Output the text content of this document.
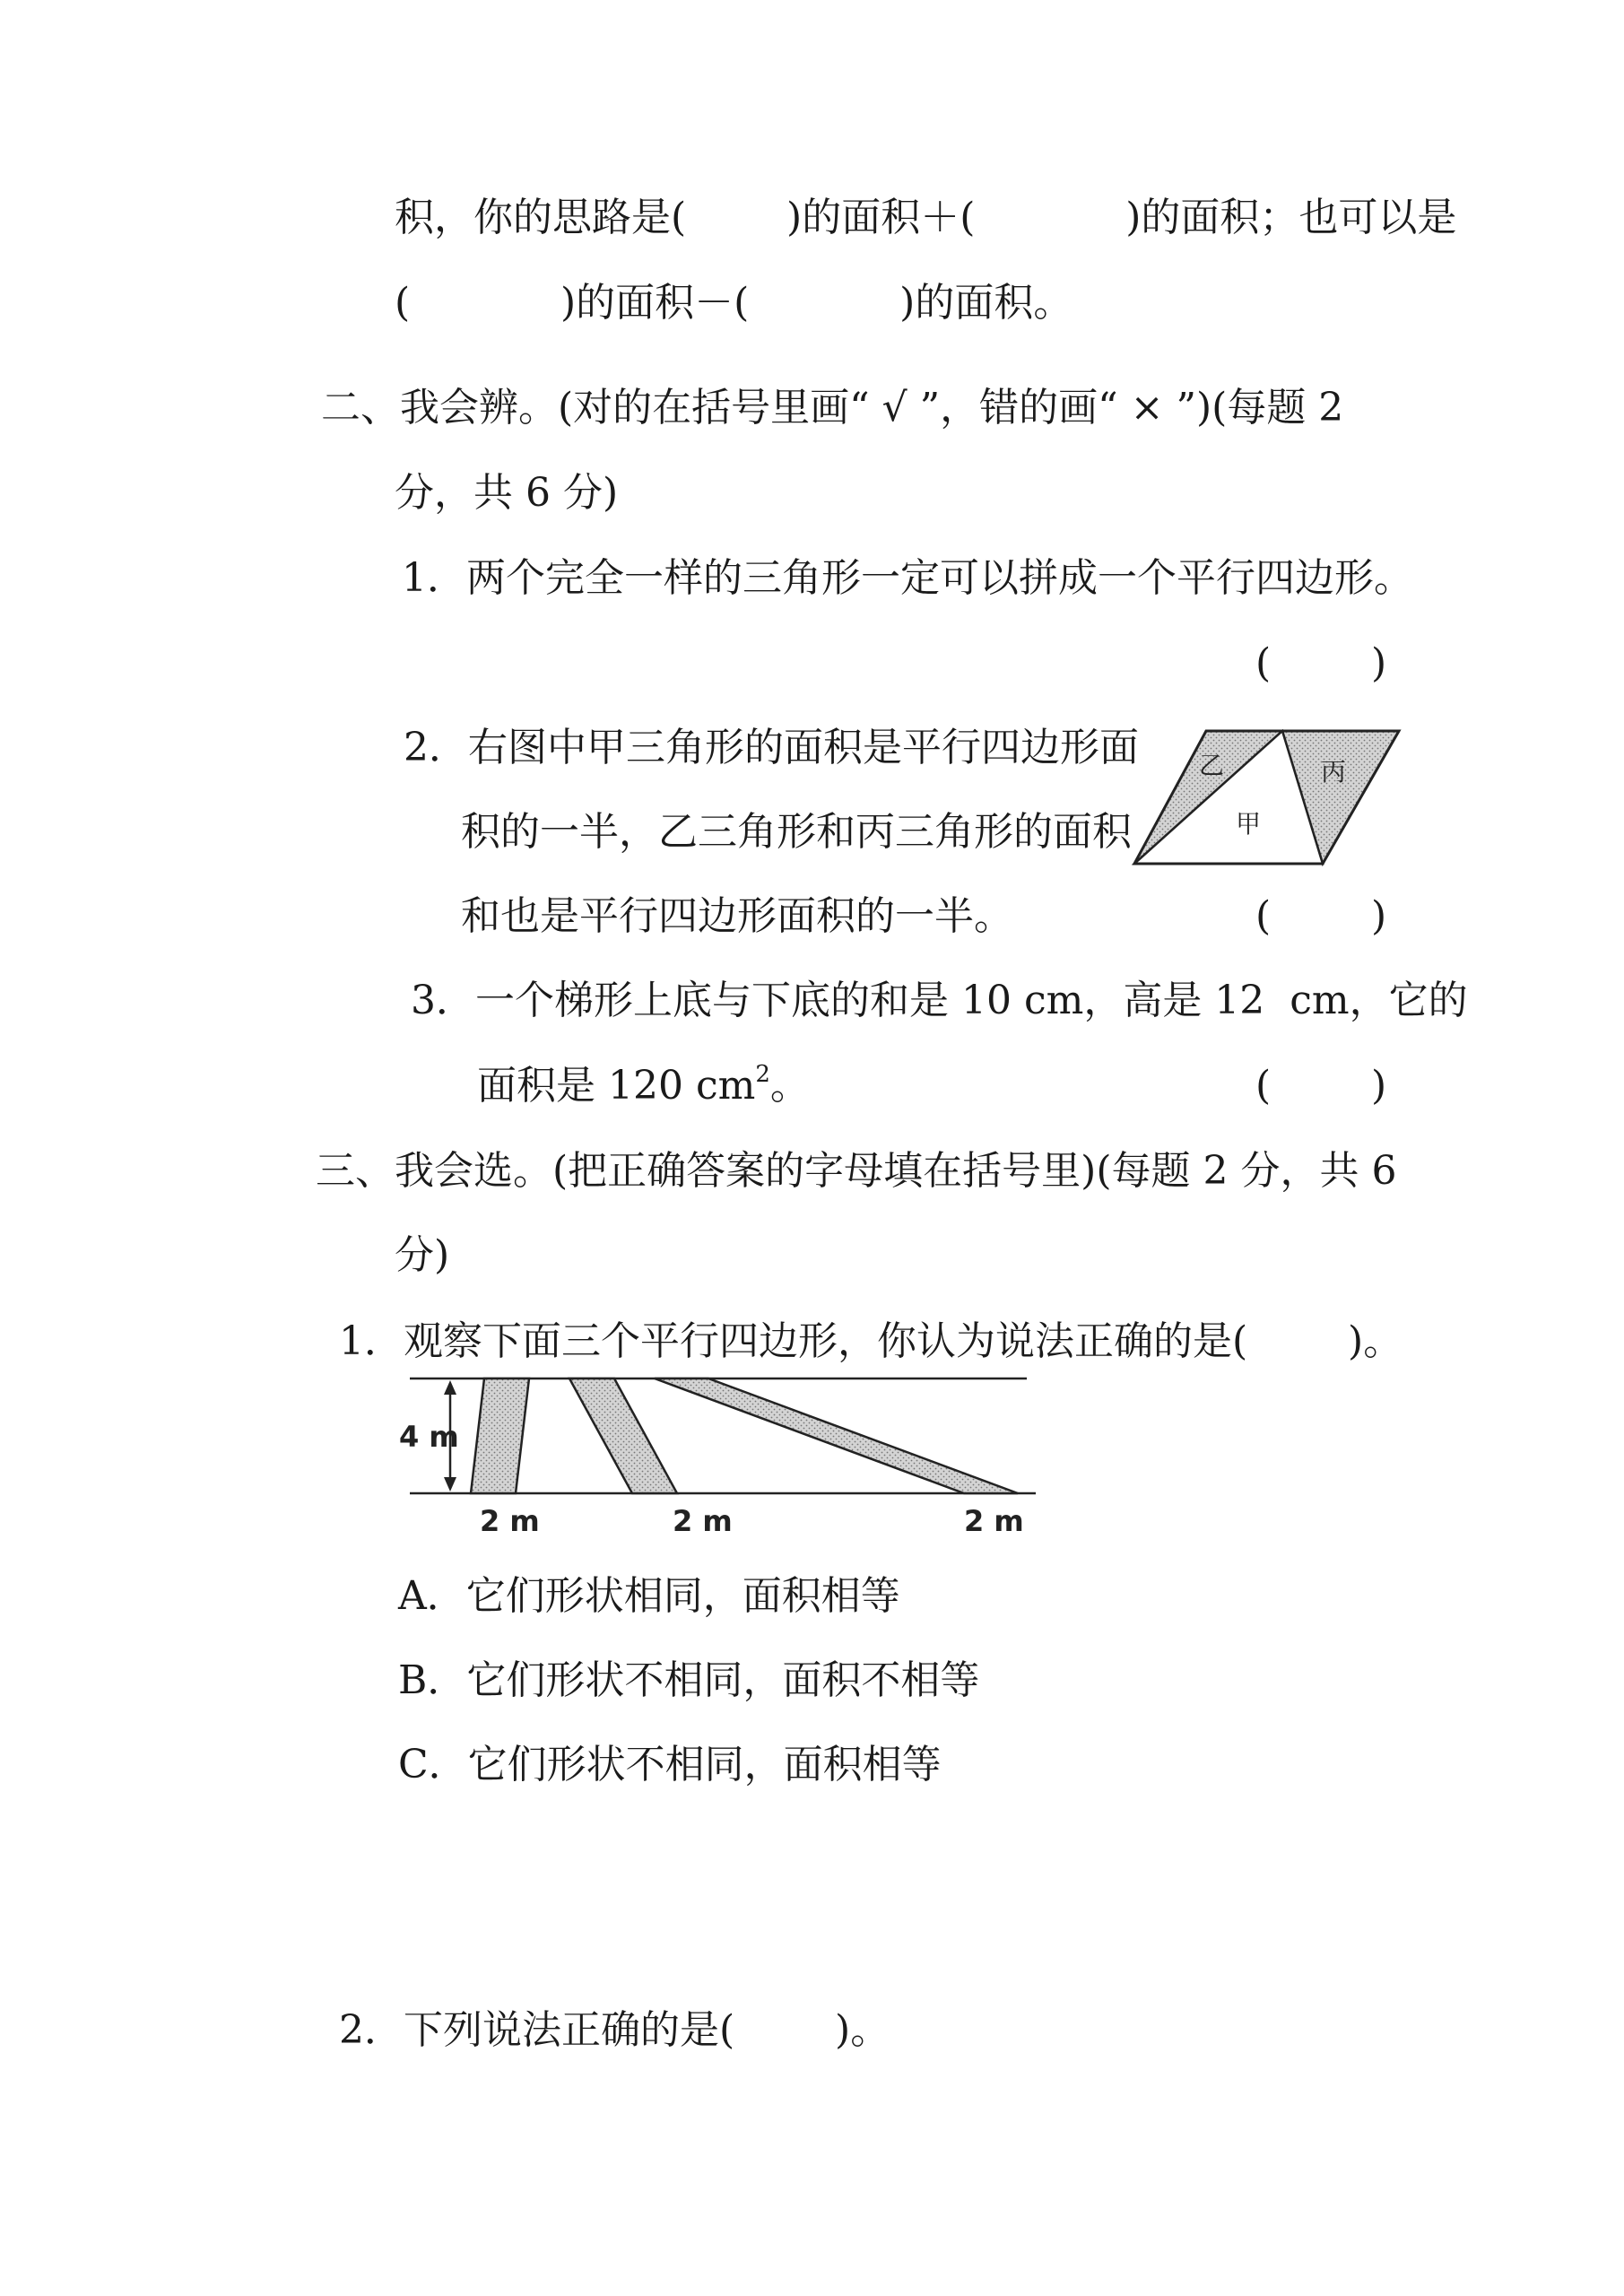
积，你的思路是(        )的面积＋(            )的面积；也可以是
(            )的面积－(            )的面积。
二、我会辨。(对的在括号里画“ √ ”，错的画“ × ”)(每题 2
分，共 6 分)
1．两个完全一样的三角形一定可以拼成一个平行四边形。
(        )
2．右图中甲三角形的面积是平行四边形面
积的一半，乙三角形和丙三角形的面积
和也是平行四边形面积的一半。	(        )
乙
甲
丙
3．一个梯形上底与下底的和是 10 cm，高是 12  cm，它的
面积是 120 $cm^2$。	(        )
三、我会选。(把正确答案的字母填在括号里)(每题 2 分，共 6
分)
1．观察下面三个平行四边形，你认为说法正确的是(        )。
4 m
2 m	2 m	2 m
A．它们形状相同，面积相等
B．它们形状不相同，面积不相等
C．它们形状不相同，面积相等
2．下列说法正确的是(        )。
